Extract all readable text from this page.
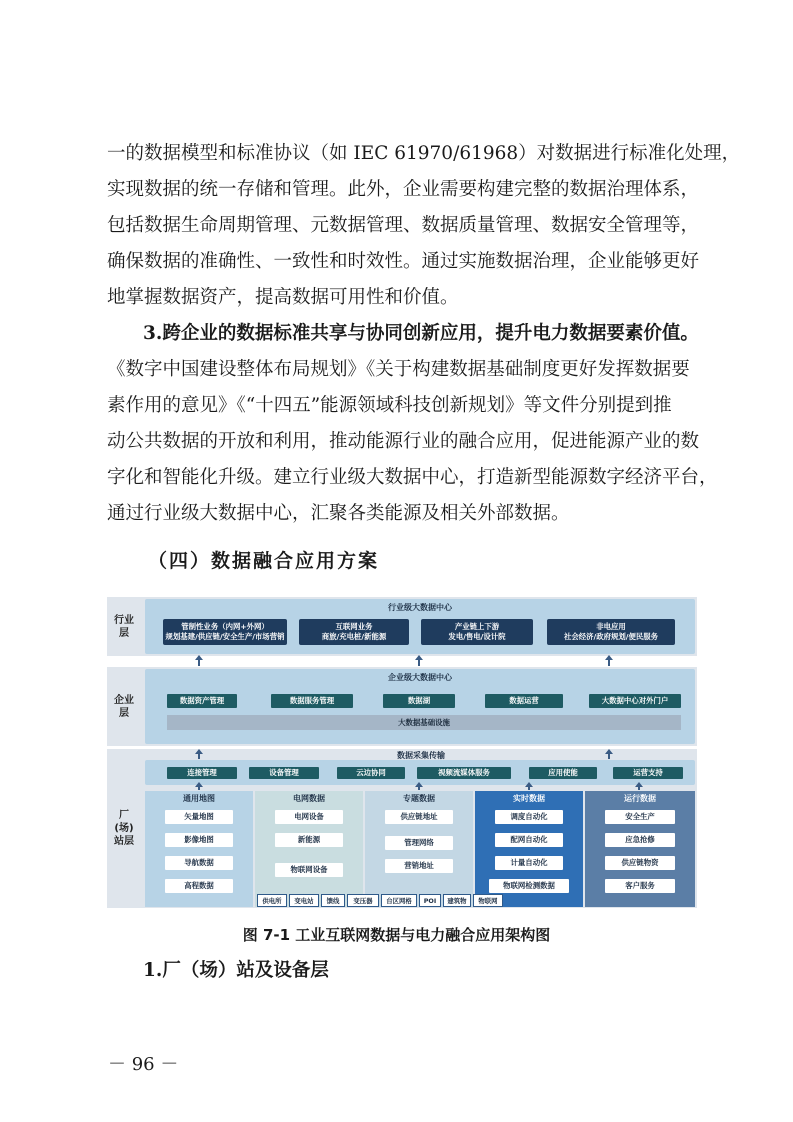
一的数据模型和标准协议（如 IEC 61970/61968）对数据进行标准化处理，

实现数据的统一存储和管理。此外，企业需要构建完整的数据治理体系，

包括数据生命周期管理、元数据管理、数据质量管理、数据安全管理等，

确保数据的准确性、一致性和时效性。通过实施数据治理，企业能够更好

地掌握数据资产，提高数据可用性和价值。

3.跨企业的数据标准共享与协同创新应用，提升电力数据要素价值。

《数字中国建设整体布局规划》《关于构建数据基础制度更好发挥数据要

素作用的意见》《“十四五”能源领域科技创新规划》等文件分别提到推

动公共数据的开放和利用，推动能源行业的融合应用，促进能源产业的数

字化和智能化升级。建立行业级大数据中心，打造新型能源数字经济平台，

通过行业级大数据中心，汇聚各类能源及相关外部数据。

（四）数据融合应用方案
行业
层
行业级大数据中心
管制性业务（内网+外网）
规划基建/供应链/安全生产/市场营销
互联网业务
商旅/充电桩/新能源
产业链上下游
发电/售电/设计院
非电应用
社会经济/政府规划/便民服务
企业
层
企业级大数据中心
数据资产管理	数据服务管理	数据湖	数据运营	大数据中心对外门户
大数据基础设施
厂
(场)
站层
数据采集传输
连接管理	设备管理	云边协同	视频流媒体服务	应用使能	运营支持
通用地图
矢量地图
影像地图
导航数据
高程数据
电网数据
电网设备
新能源
物联网设备
专题数据
供应链地址
管理网络
营销地址
实时数据
调度自动化
配网自动化
计量自动化
物联网检测数据
运行数据
安全生产
应急抢修
供应链物资
客户服务
供电所	变电站	馈线	变压器	台区网格	POI	建筑物	物联网
图 7-1 工业互联网数据与电力融合应用架构图
1.厂（场）站及设备层

－ 96 －
